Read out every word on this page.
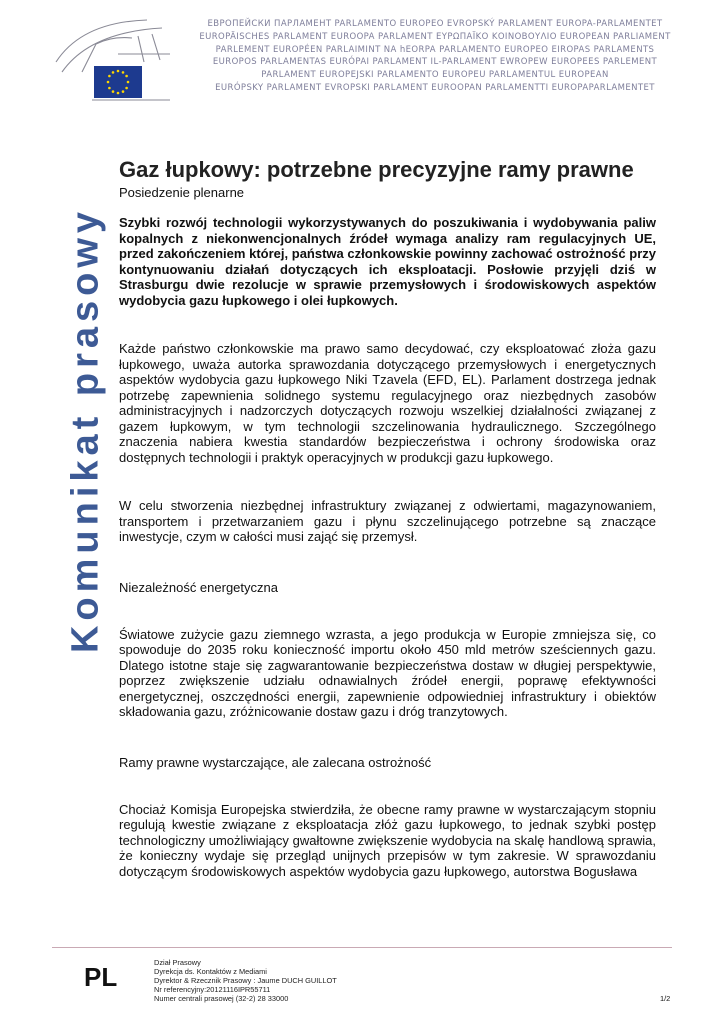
ЕВРОПЕЙСКИ ПАРЛАМЕНТ PARLAMENTO EUROPEO EVROPSKÝ PARLAMENT EUROPA-PARLAMENTET
EUROPÄISCHES PARLAMENT EUROOPA PARLAMENT ΕΥΡΩΠΑΪΚΟ ΚΟΙΝΟΒΟΥΛΙΟ EUROPEAN PARLIAMENT
PARLEMENT EUROPÉEN PARLAIMINT NA hEORPA PARLAMENTO EUROPEO EIROPAS PARLAMENTS
EUROPOS PARLAMENTAS EURÓPAI PARLAMENT IL-PARLAMENT EWROPEW EUROPEES PARLEMENT
PARLAMENT EUROPEJSKI PARLAMENTO EUROPEU PARLAMENTUL EUROPEAN
EURÓPSKY PARLAMENT EVROPSKI PARLAMENT EUROOPAN PARLAMENTTI EUROPAPARLAMENTET
Komunikat prasowy
Gaz łupkowy: potrzebne precyzyjne ramy prawne

Posiedzenie plenarne

Szybki rozwój technologii wykorzystywanych do poszukiwania i wydobywania paliw kopalnych z niekonwencjonalnych źródeł wymaga analizy ram regulacyjnych UE, przed zakończeniem której, państwa członkowskie powinny zachować ostrożność przy kontynuowaniu działań dotyczących ich eksploatacji. Posłowie przyjęli dziś w Strasburgu dwie rezolucje w sprawie przemysłowych i środowiskowych aspektów wydobycia gazu łupkowego i olei łupkowych.

Każde państwo członkowskie ma prawo samo decydować, czy eksploatować złoża gazu łupkowego, uważa autorka sprawozdania dotyczącego przemysłowych i energetycznych aspektów wydobycia gazu łupkowego Niki Tzavela (EFD, EL). Parlament dostrzega jednak potrzebę zapewnienia solidnego systemu regulacyjnego oraz niezbędnych zasobów administracyjnych i nadzorczych dotyczących rozwoju wszelkiej działalności związanej z gazem łupkowym, w tym technologii szczelinowania hydraulicznego. Szczególnego znaczenia nabiera kwestia standardów bezpieczeństwa i ochrony środowiska oraz dostępnych technologii i praktyk operacyjnych w produkcji gazu łupkowego.

W celu stworzenia niezbędnej infrastruktury związanej z odwiertami, magazynowaniem, transportem i przetwarzaniem gazu i płynu szczelinującego potrzebne są znaczące inwestycje, czym w całości musi zająć się przemysł.

Niezależność energetyczna

Światowe zużycie gazu ziemnego wzrasta, a jego produkcja w Europie zmniejsza się, co spowoduje do 2035 roku konieczność importu około 450 mld metrów sześciennych gazu. Dlatego istotne staje się zagwarantowanie bezpieczeństwa dostaw w długiej perspektywie, poprzez zwiększenie udziału odnawialnych źródeł energii, poprawę efektywności energetycznej, oszczędności energii, zapewnienie odpowiedniej infrastruktury i obiektów składowania gazu, zróżnicowanie dostaw gazu i dróg tranzytowych.

Ramy prawne wystarczające, ale zalecana ostrożność

Chociaż Komisja Europejska stwierdziła, że obecne ramy prawne w wystarczającym stopniu regulują kwestie związane z eksploatacja złóż gazu łupkowego, to jednak szybki postęp technologiczny umożliwiający gwałtowne zwiększenie wydobycia na skalę handlową sprawia, że konieczny wydaje się przegląd unijnych przepisów w tym zakresie. W sprawozdaniu dotyczącym środowiskowych aspektów wydobycia gazu łupkowego, autorstwa Bogusława

PL	Dział Prasowy
Dyrekcja ds. Kontaktów z Mediami
Dyrektor & Rzecznik Prasowy : Jaume DUCH GUILLOT
Nr referencyjny:20121116IPR55711
Numer centrali prasowej (32-2) 28 33000	1/2
